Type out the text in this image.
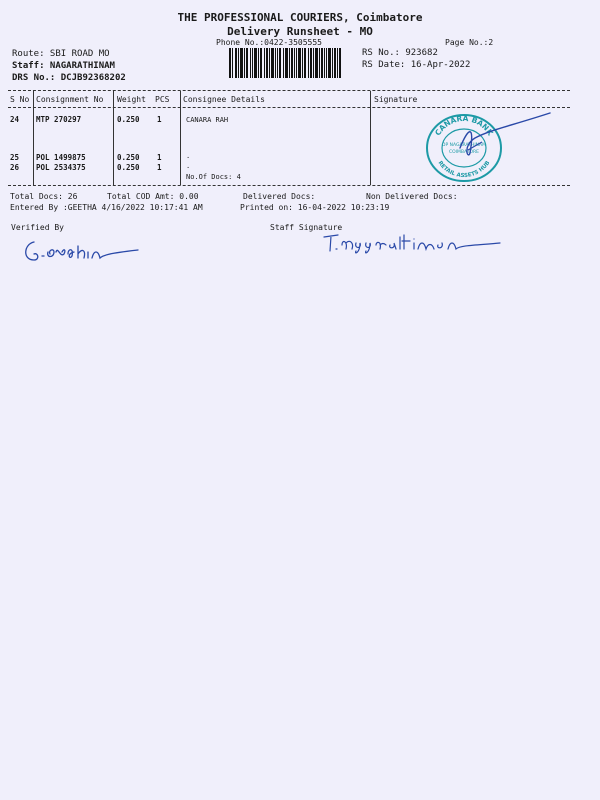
THE PROFESSIONAL COURIERS, Coimbatore
Delivery Runsheet - MO
Phone No.:0422-3505555	Page No.:2
Route: SBI ROAD MO
Staff: NAGARATHINAM
DRS No.: DCJB92368202
RS No.: 923682
RS Date: 16-Apr-2022
S No Consignment No Weight PCS Consignee Details	Signature
24 MTP 270297	0.250 1	CANARA RAH
25 POL 1499875	0.250 1	.
26 POL 2534375	0.250 1	.
No.Of Docs: 4
CANARA BANK
RETAIL ASSETS HUB
DP NAGARATHINAM
COIMBATORE
Total Docs: 26	Total COD Amt: 0.00	Delivered Docs:	Non Delivered Docs:
Entered By :GEETHA 4/16/2022 10:17:41 AM	Printed on: 16-04-2022 10:23:19
Verified By	Staff Signature
